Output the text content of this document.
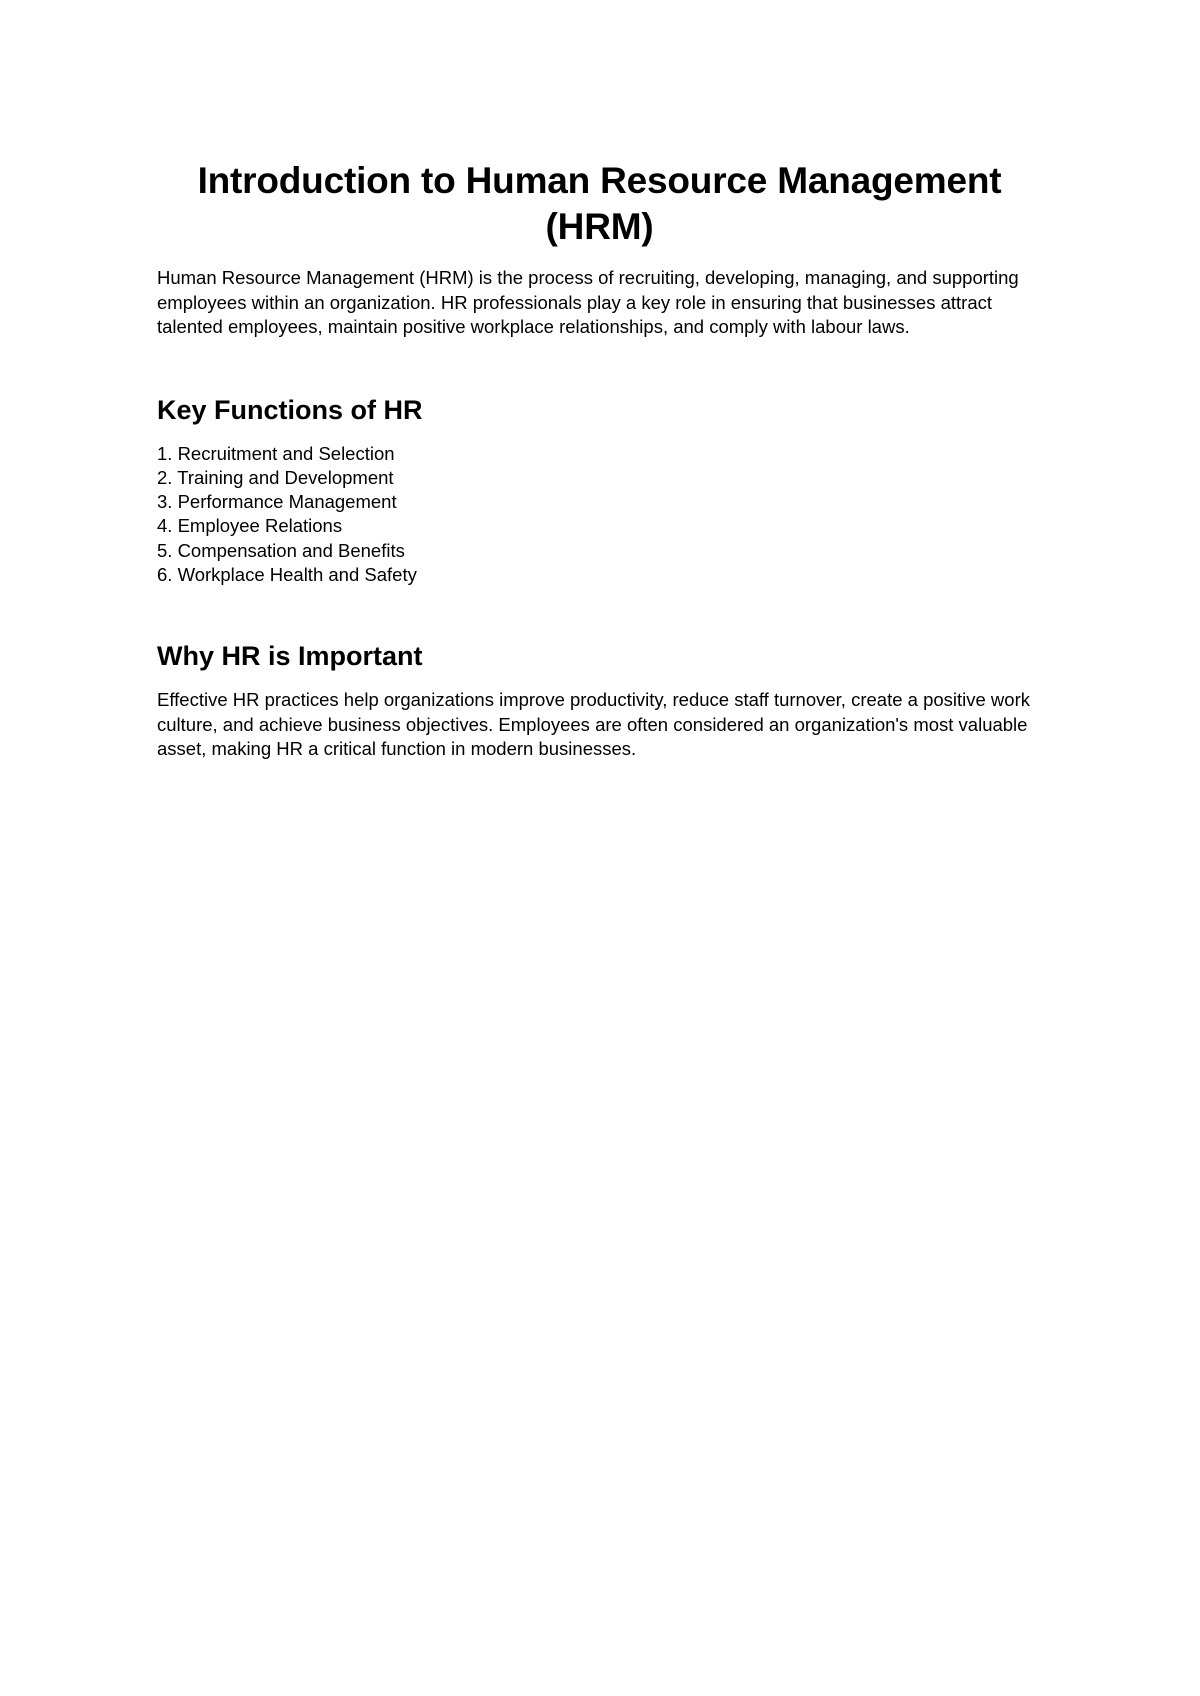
Introduction to Human Resource Management (HRM)

Human Resource Management (HRM) is the process of recruiting, developing, managing, and supporting employees within an organization. HR professionals play a key role in ensuring that businesses attract talented employees, maintain positive workplace relationships, and comply with labour laws.

Key Functions of HR
1. Recruitment and Selection
2. Training and Development
3. Performance Management
4. Employee Relations
5. Compensation and Benefits
6. Workplace Health and Safety
Why HR is Important

Effective HR practices help organizations improve productivity, reduce staff turnover, create a positive work culture, and achieve business objectives. Employees are often considered an organization's most valuable asset, making HR a critical function in modern businesses.
